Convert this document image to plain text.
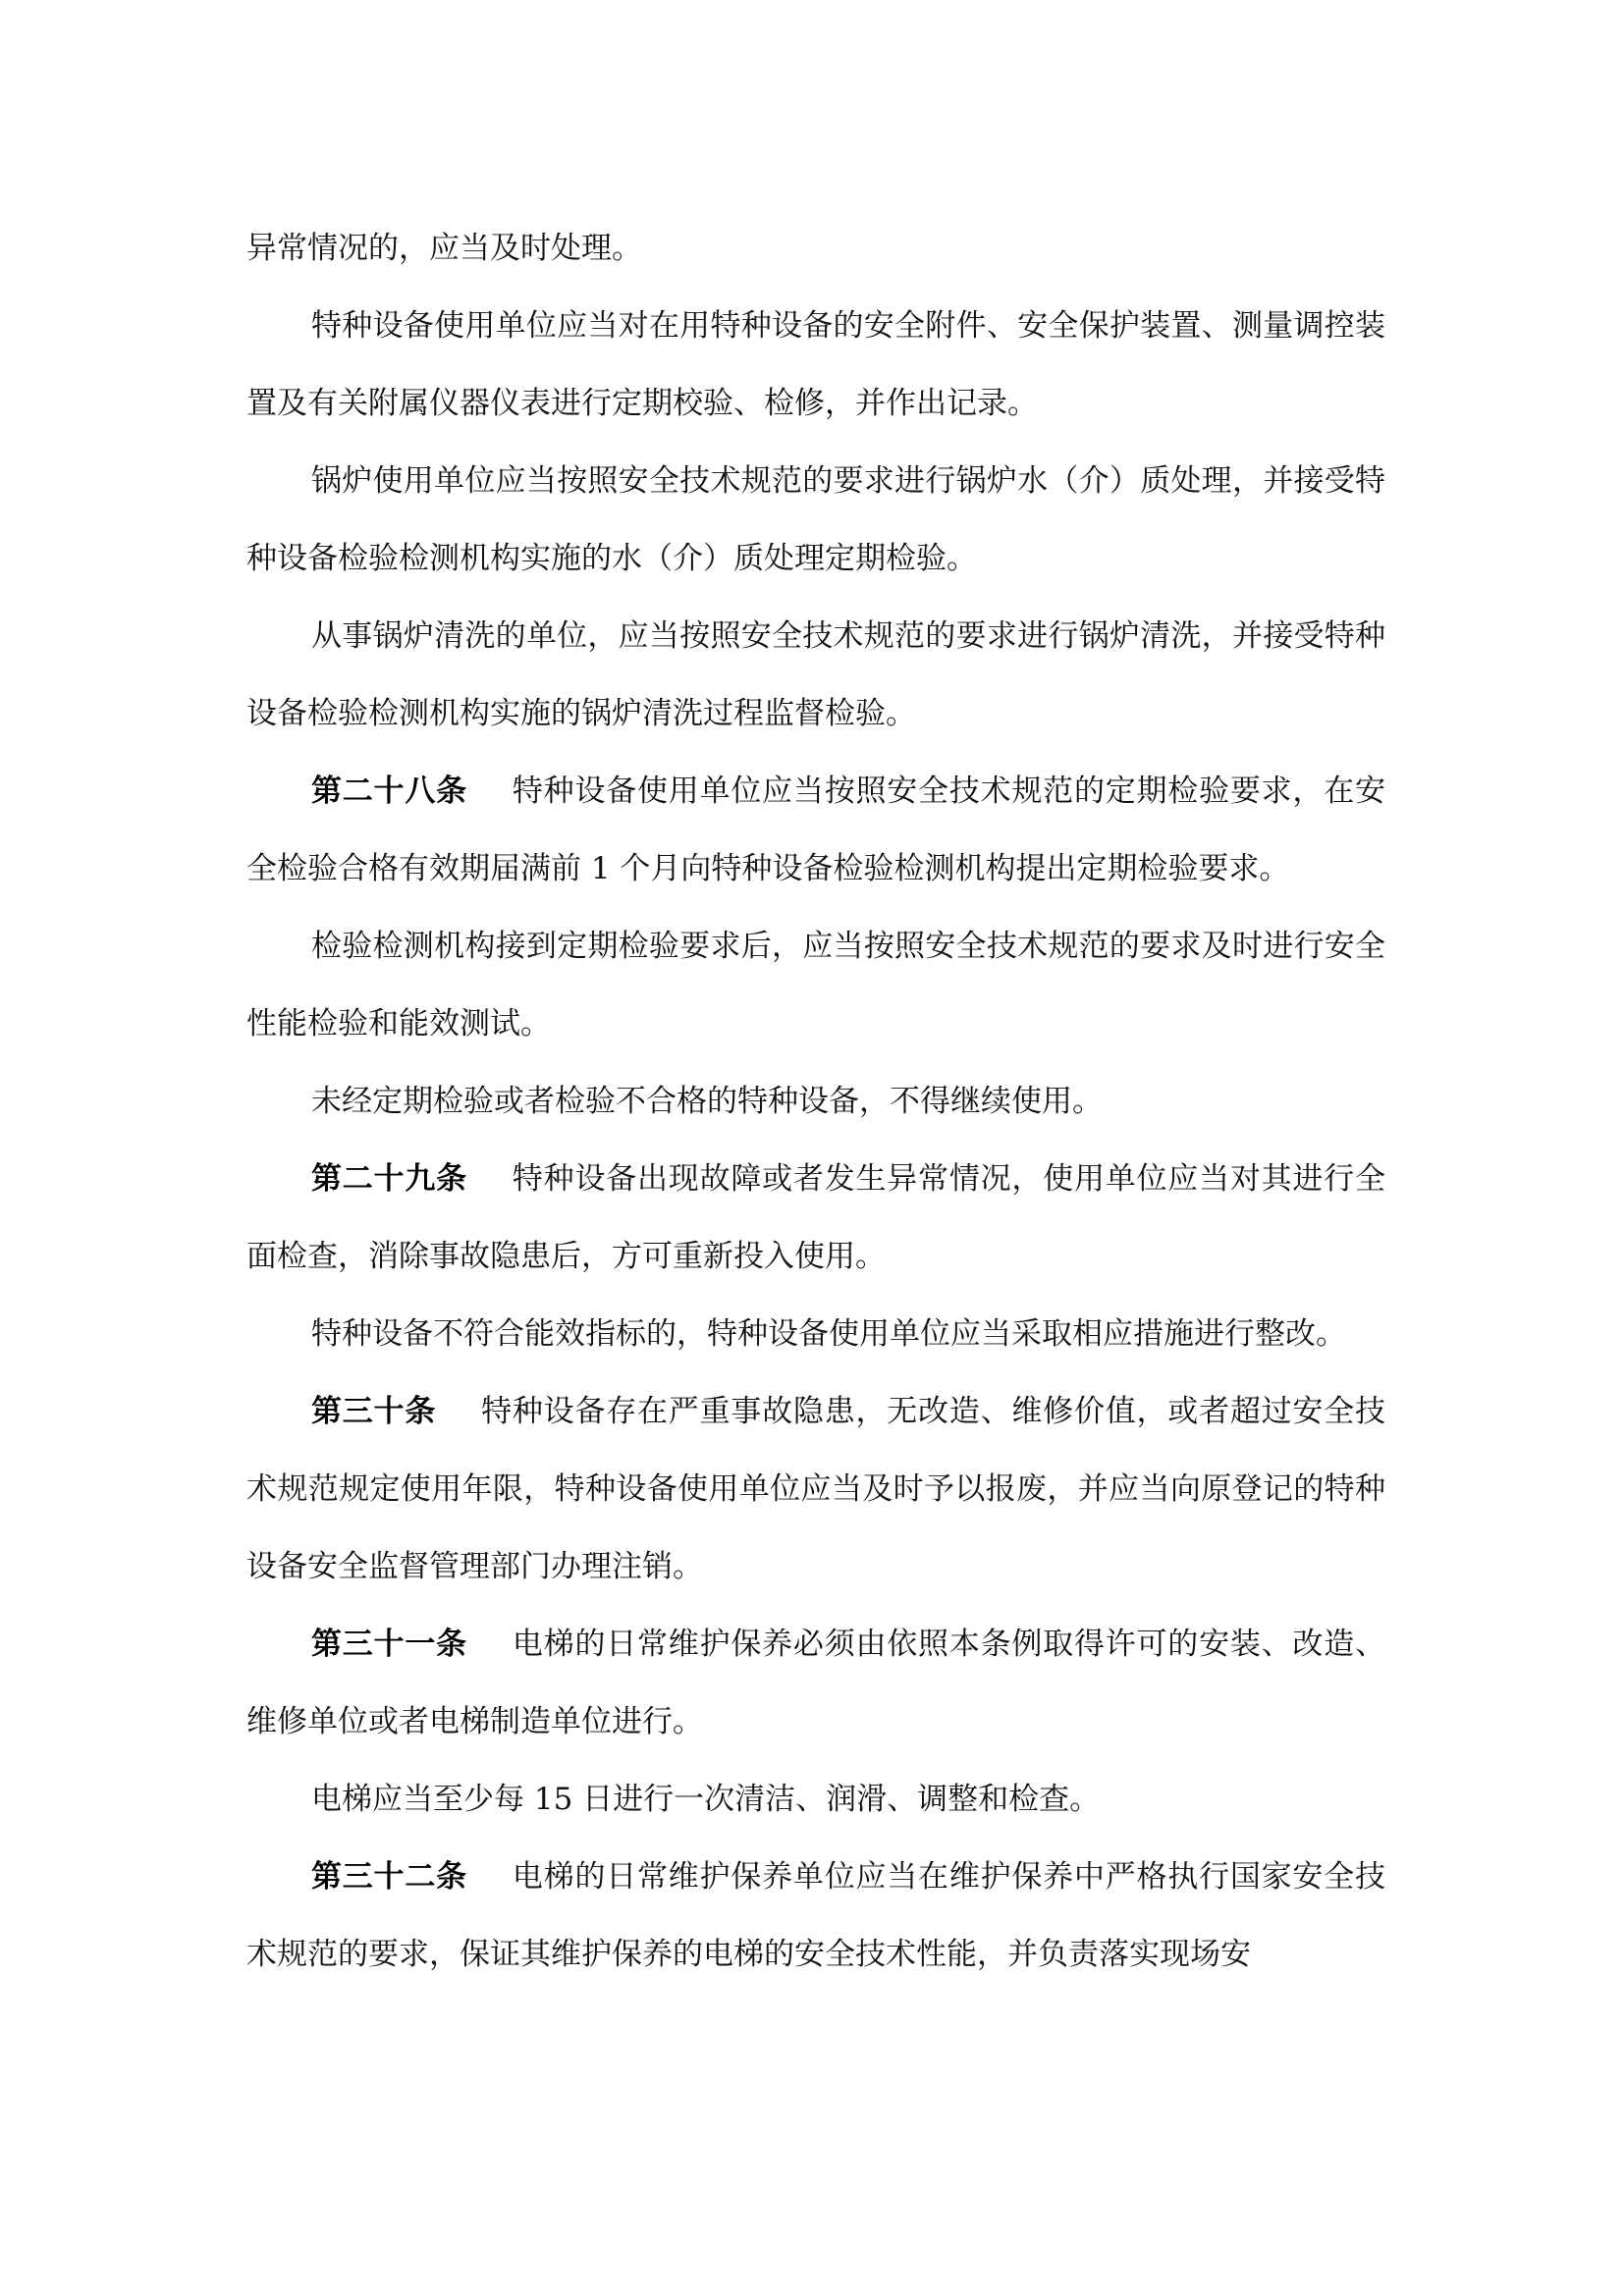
异常情况的，应当及时处理。

特种设备使用单位应当对在用特种设备的安全附件、安全保护装置、测量调控装置及有关附属仪器仪表进行定期校验、检修，并作出记录。

锅炉使用单位应当按照安全技术规范的要求进行锅炉水（介）质处理，并接受特种设备检验检测机构实施的水（介）质处理定期检验。

从事锅炉清洗的单位，应当按照安全技术规范的要求进行锅炉清洗，并接受特种设备检验检测机构实施的锅炉清洗过程监督检验。

第二十八条 特种设备使用单位应当按照安全技术规范的定期检验要求，在安全检验合格有效期届满前 1 个月向特种设备检验检测机构提出定期检验要求。

检验检测机构接到定期检验要求后，应当按照安全技术规范的要求及时进行安全性能检验和能效测试。

未经定期检验或者检验不合格的特种设备，不得继续使用。

第二十九条 特种设备出现故障或者发生异常情况，使用单位应当对其进行全面检查，消除事故隐患后，方可重新投入使用。

特种设备不符合能效指标的，特种设备使用单位应当采取相应措施进行整改。

第三十条 特种设备存在严重事故隐患，无改造、维修价值，或者超过安全技术规范规定使用年限，特种设备使用单位应当及时予以报废，并应当向原登记的特种设备安全监督管理部门办理注销。

第三十一条 电梯的日常维护保养必须由依照本条例取得许可的安装、改造、维修单位或者电梯制造单位进行。

电梯应当至少每 15 日进行一次清洁、润滑、调整和检查。

第三十二条 电梯的日常维护保养单位应当在维护保养中严格执行国家安全技术规范的要求，保证其维护保养的电梯的安全技术性能，并负责落实现场安
